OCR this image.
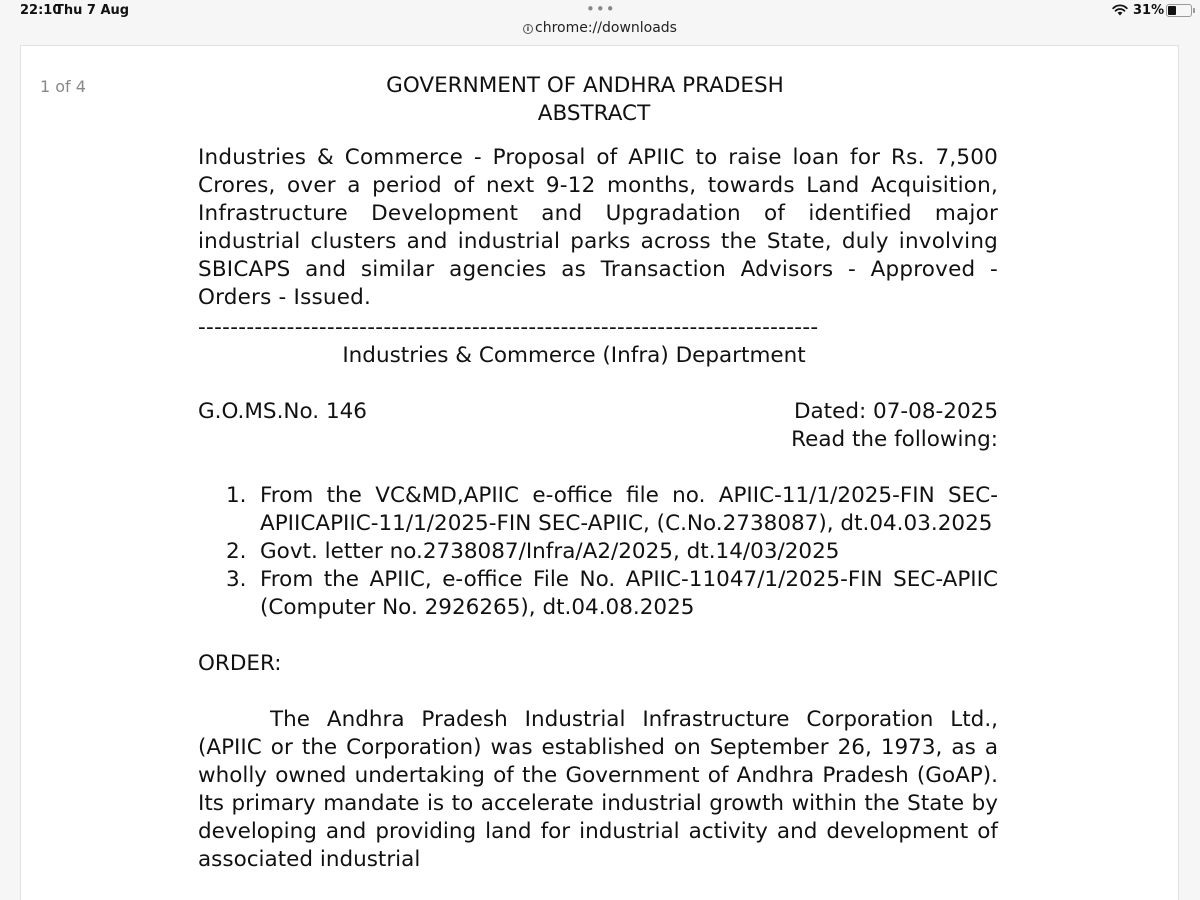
22:10
Thu 7 Aug	•••	31%
i chrome://downloads
1 of 4	GOVERNMENT OF ANDHRA PRADESH
ABSTRACT
Industries & Commerce - Proposal of APIIC to raise loan for Rs. 7,500 Crores, over a period of next 9-12 months, towards Land Acquisition, Infrastructure Development and Upgradation of identified major industrial clusters and industrial parks across the State, duly involving SBICAPS and similar agencies as Transaction Advisors - Approved - Orders - Issued.
-----------------------------------------------------------------------------
Industries & Commerce (Infra) Department
G.O.MS.No. 146	Dated: 07-08-2025
Read the following:
1. From the VC&MD,APIIC e-office file no. APIIC-11/1/2025-FIN SEC- APIICAPIIC-11/1/2025-FIN SEC-APIIC, (C.No.2738087), dt.04.03.2025
2. Govt. letter no.2738087/Infra/A2/2025, dt.14/03/2025
3. From the APIIC, e-office File No. APIIC-11047/1/2025-FIN SEC-APIIC (Computer No. 2926265), dt.04.08.2025
ORDER:
The Andhra Pradesh Industrial Infrastructure Corporation Ltd., (APIIC or the Corporation) was established on September 26, 1973, as a wholly owned undertaking of the Government of Andhra Pradesh (GoAP). Its primary mandate is to accelerate industrial growth within the State by developing and providing land for industrial activity and development of associated industrial
